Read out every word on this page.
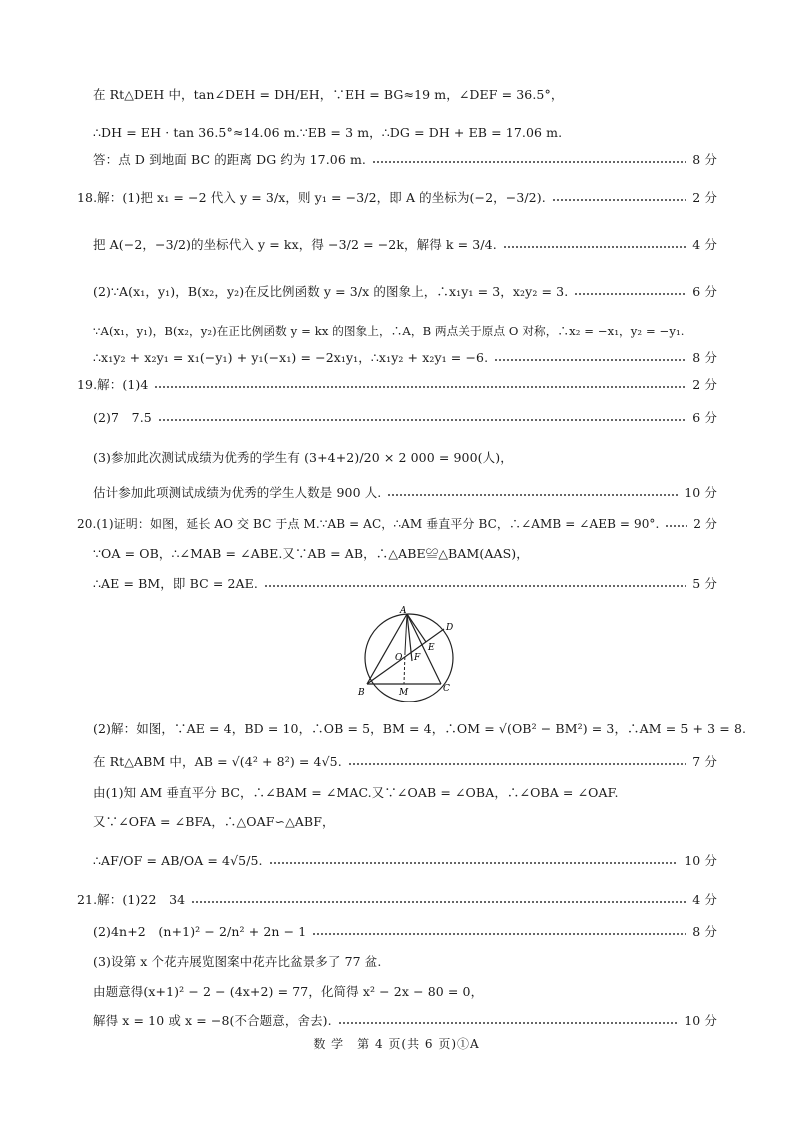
在 Rt△DEH 中，tan∠DEH = DH/EH，∵EH = BG≈19 m，∠DEF = 36.5°，
∴DH = EH · tan 36.5°≈14.06 m.∵EB = 3 m，∴DG = DH + EB = 17.06 m.
答：点 D 到地面 BC 的距离 DG 约为 17.06 m.	8 分
18.解：(1)把 x₁ = −2 代入 y = 3/x，则 y₁ = −3/2，即 A 的坐标为(−2，−3/2).	2 分
把 A(−2，−3/2)的坐标代入 y = kx，得 −3/2 = −2k，解得 k = 3/4.	4 分
(2)∵A(x₁，y₁)，B(x₂，y₂)在反比例函数 y = 3/x 的图象上，∴x₁y₁ = 3，x₂y₂ = 3.	6 分
∵A(x₁，y₁)，B(x₂，y₂)在正比例函数 y = kx 的图象上，∴A，B 两点关于原点 O 对称，∴x₂ = −x₁，y₂ = −y₁.
∴x₁y₂ + x₂y₁ = x₁(−y₁) + y₁(−x₁) = −2x₁y₁，∴x₁y₂ + x₂y₁ = −6.	8 分
19.解：(1)4	2 分
(2)7　7.5	6 分
(3)参加此次测试成绩为优秀的学生有 (3+4+2)/20 × 2 000 = 900(人)，
估计参加此项测试成绩为优秀的学生人数是 900 人.	10 分
20.(1)证明：如图，延长 AO 交 BC 于点 M.∵AB = AC，∴AM 垂直平分 BC，∴∠AMB = ∠AEB = 90°.	2 分
∵OA = OB，∴∠MAB = ∠ABE.又∵AB = AB，∴△ABE≌△BAM(AAS)，
∴AE = BM，即 BC = 2AE.	5 分
A
D
E
F
O
B	M	C
(2)解：如图，∵AE = 4，BD = 10，∴OB = 5，BM = 4，∴OM = √(OB² − BM²) = 3，∴AM = 5 + 3 = 8.
在 Rt△ABM 中，AB = √(4² + 8²) = 4√5.	7 分
由(1)知 AM 垂直平分 BC，∴∠BAM = ∠MAC.又∵∠OAB = ∠OBA，∴∠OBA = ∠OAF.
又∵∠OFA = ∠BFA，∴△OAF∽△ABF，
∴AF/OF = AB/OA = 4√5/5.	10 分
21.解：(1)22　34	4 分
(2)4n+2　(n+1)² − 2/n² + 2n − 1	8 分
(3)设第 x 个花卉展览图案中花卉比盆景多了 77 盆.
由题意得(x+1)² − 2 − (4x+2) = 77，化简得 x² − 2x − 80 = 0，
解得 x = 10 或 x = −8(不合题意，舍去).	10 分
数 学　第 4 页(共 6 页)①A
